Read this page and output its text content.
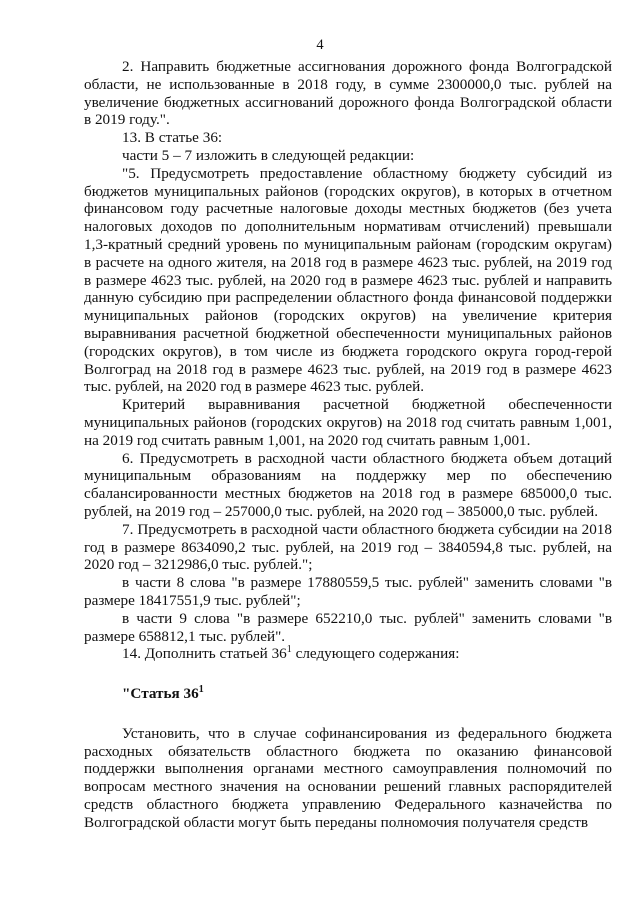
4

2. Направить бюджетные ассигнования дорожного фонда Волгоградской области, не использованные в 2018 году, в сумме 2300000,0 тыс. рублей на увеличение бюджетных ассигнований дорожного фонда Волгоградской области в 2019 году.".

13. В статье 36:

части 5 – 7 изложить в следующей редакции:

"5. Предусмотреть предоставление областному бюджету субсидий из бюджетов муниципальных районов (городских округов), в которых в отчетном финансовом году расчетные налоговые доходы местных бюджетов (без учета налоговых доходов по дополнительным нормативам отчислений) превышали 1,3-кратный средний уровень по муниципальным районам (городским округам) в расчете на одного жителя, на 2018 год в размере 4623 тыс. рублей, на 2019 год в размере 4623 тыс. рублей, на 2020 год в размере 4623 тыс. рублей и направить данную субсидию при распределении областного фонда финансовой поддержки муниципальных районов (городских округов) на увеличение критерия выравнивания расчетной бюджетной обеспеченности муниципальных районов (городских округов), в том числе из бюджета городского округа город-герой Волгоград на 2018 год в размере 4623 тыс. рублей, на 2019 год в размере 4623 тыс. рублей, на 2020 год в размере 4623 тыс. рублей.

Критерий выравнивания расчетной бюджетной обеспеченности муниципальных районов (городских округов) на 2018 год считать равным 1,001, на 2019 год считать равным 1,001, на 2020 год считать равным 1,001.

6. Предусмотреть в расходной части областного бюджета объем дотаций муниципальным образованиям на поддержку мер по обеспечению сбалансированности местных бюджетов на 2018 год в размере 685000,0 тыс. рублей, на 2019 год – 257000,0 тыс. рублей, на 2020 год – 385000,0 тыс. рублей.

7. Предусмотреть в расходной части областного бюджета субсидии на 2018 год в размере 8634090,2 тыс. рублей, на 2019 год – 3840594,8 тыс. рублей, на 2020 год – 3212986,0 тыс. рублей.";

в части 8 слова "в размере 17880559,5 тыс. рублей" заменить словами "в размере 18417551,9 тыс. рублей";

в части 9 слова "в размере 652210,0 тыс. рублей" заменить словами "в размере 658812,1 тыс. рублей".

14. Дополнить статьей $36^1$ следующего содержания:

"Статья $36^1$

Установить, что в случае софинансирования из федерального бюджета расходных обязательств областного бюджета по оказанию финансовой поддержки выполнения органами местного самоуправления полномочий по вопросам местного значения на основании решений главных распорядителей средств областного бюджета управлению Федерального казначейства по Волгоградской области могут быть переданы полномочия получателя средств
